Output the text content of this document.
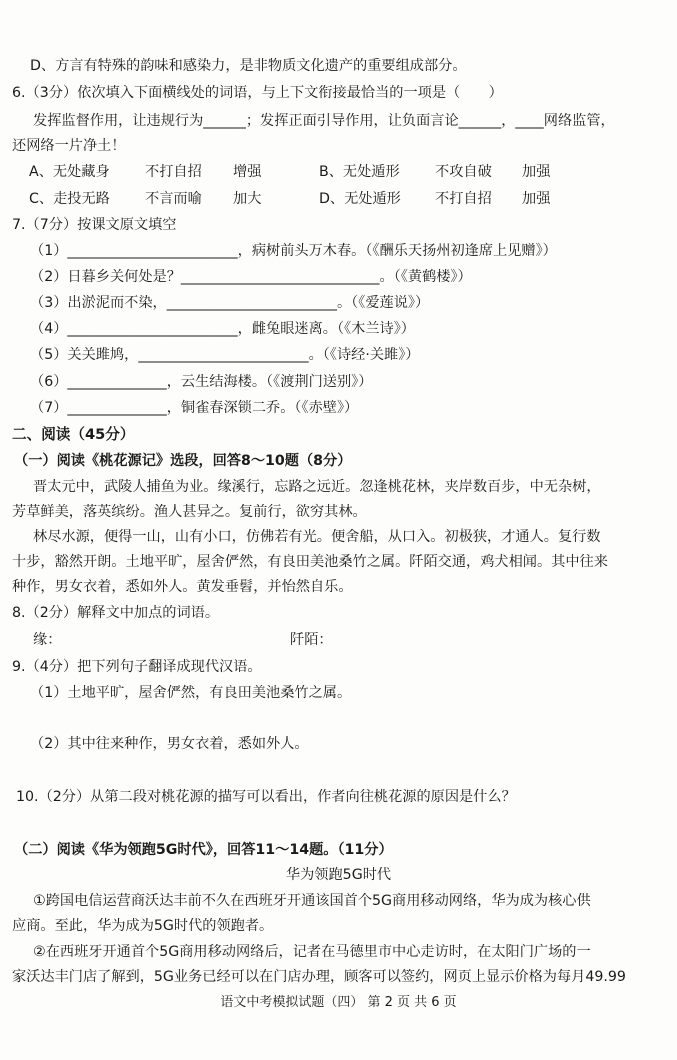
D、方言有特殊的韵味和感染力，是非物质文化遗产的重要组成部分。
6.（3分）依次填入下面横线处的词语，与上下文衔接最恰当的一项是（　　）
发挥监督作用，让违规行为______；发挥正面引导作用，让负面言论______，____网络监管，
还网络一片净土！
A、无处藏身 不打自招 增强	B、无处遁形 不攻自破 加强
C、走投无路 不言而喻 加大	D、无处遁形 不打自招 加强
7.（7分）按课文原文填空
（1）________________________，病树前头万木春。（《酬乐天扬州初逢席上见赠》）
（2）日暮乡关何处是？____________________________。（《黄鹤楼》）
（3）出淤泥而不染，________________________。（《爱莲说》）
（4）________________________，雌兔眼迷离。（《木兰诗》）
（5）关关雎鸠，________________________。（《诗经·关雎》）
（6）______________，云生结海楼。（《渡荆门送别》）
（7）______________，铜雀春深锁二乔。（《赤壁》）
二、阅读（45分）
（一）阅读《桃花源记》选段，回答8～10题（8分）
晋太元中，武陵人捕鱼为业。缘溪行，忘路之远近。忽逢桃花林，夹岸数百步，中无杂树，
芳草鲜美，落英缤纷。渔人甚异之。复前行，欲穷其林。
林尽水源，便得一山，山有小口，仿佛若有光。便舍船，从口入。初极狭，才通人。复行数
十步，豁然开朗。土地平旷，屋舍俨然，有良田美池桑竹之属。阡陌交通，鸡犬相闻。其中往来
种作，男女衣着，悉如外人。黄发垂髫，并怡然自乐。
8.（2分）解释文中加点的词语。
缘：	阡陌：
9.（4分）把下列句子翻译成现代汉语。
（1）土地平旷，屋舍俨然，有良田美池桑竹之属。
（2）其中往来种作，男女衣着，悉如外人。
10.（2分）从第二段对桃花源的描写可以看出，作者向往桃花源的原因是什么？
（二）阅读《华为领跑5G时代》，回答11～14题。（11分）
华为领跑5G时代
①跨国电信运营商沃达丰前不久在西班牙开通该国首个5G商用移动网络，华为成为核心供
应商。至此，华为成为5G时代的领跑者。
②在西班牙开通首个5G商用移动网络后，记者在马德里市中心走访时，在太阳门广场的一
家沃达丰门店了解到，5G业务已经可以在门店办理，顾客可以签约，网页上显示价格为每月49.99
语文中考模拟试题（四） 第 2 页 共 6 页
